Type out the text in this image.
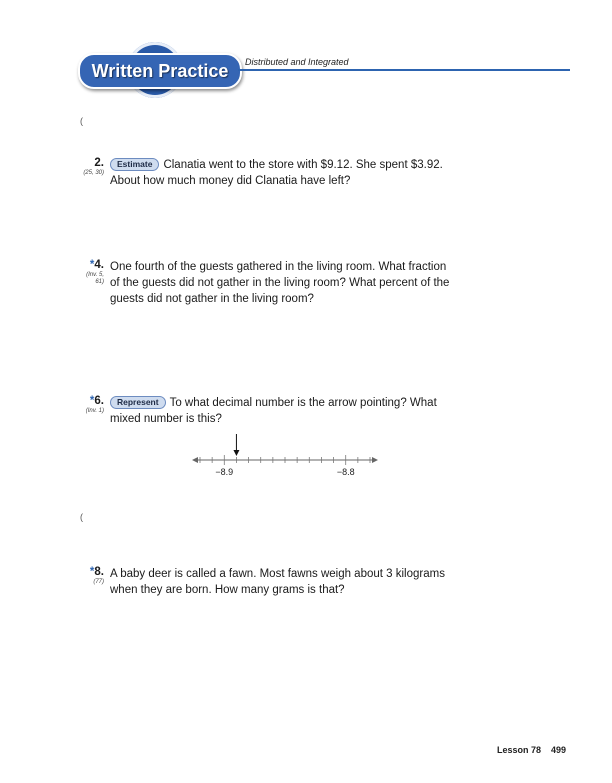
Written Practice Distributed and Integrated
(
(
2.
(25, 30)
Estimate Clanatia went to the store with $9.12. She spent $3.92.
About how much money did Clanatia have left?
*4.
(Inv. 5,
61)
One fourth of the guests gathered in the living room. What fraction
of the guests did not gather in the living room? What percent of the
guests did not gather in the living room?
*6.
(Inv. 1)
Represent To what decimal number is the arrow pointing? What
mixed number is this?
−8.9	−8.8
*8.
(77)
A baby deer is called a fawn. Most fawns weigh about 3 kilograms
when they are born. How many grams is that?
Lesson 78 499
